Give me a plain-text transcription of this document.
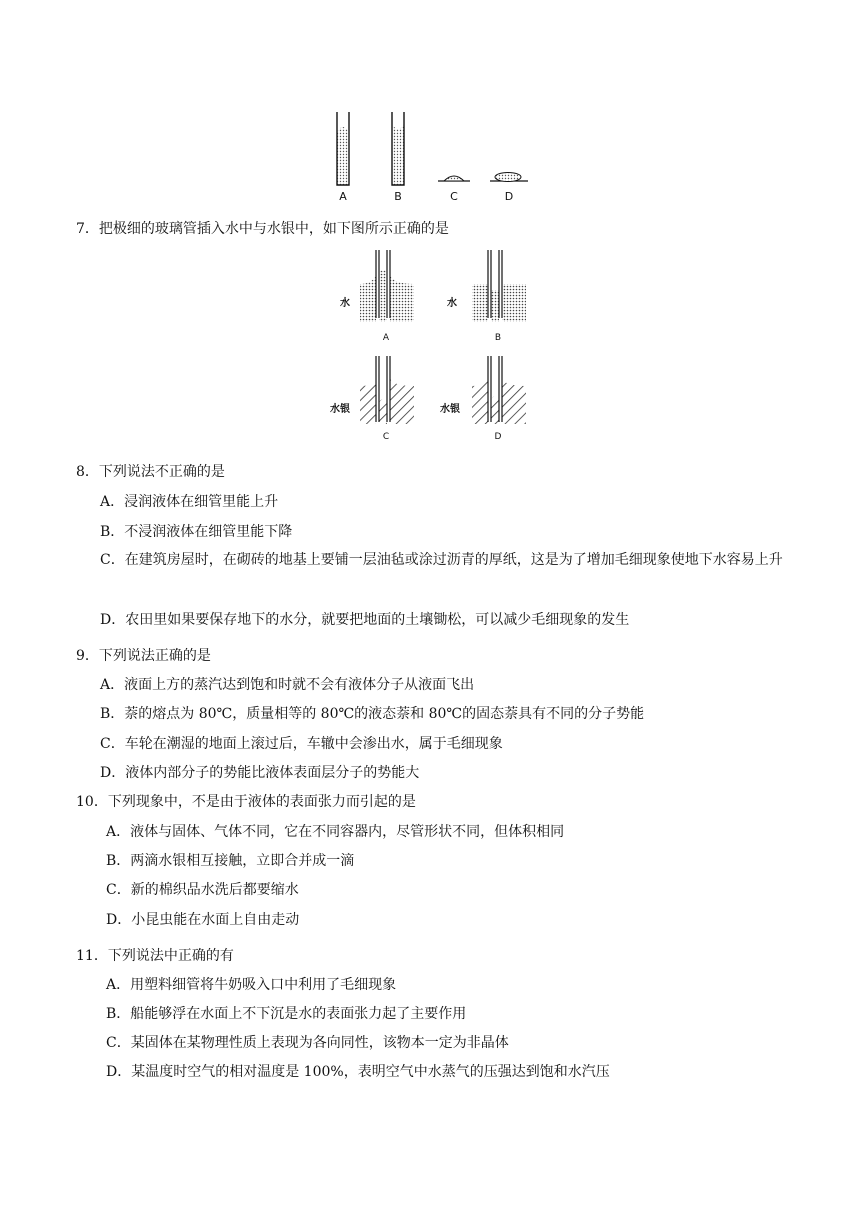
A	B	C	D
7．把极细的玻璃管插入水中与水银中，如下图所示正确的是
水
A
水
B
水银
C
水银
D
8．下列说法不正确的是
A．浸润液体在细管里能上升
B．不浸润液体在细管里能下降
C．在建筑房屋时，在砌砖的地基上要铺一层油毡或涂过沥青的厚纸，这是为了增加毛细现象使地下水容易上升
D．农田里如果要保存地下的水分，就要把地面的土壤锄松，可以减少毛细现象的发生
9．下列说法正确的是
A．液面上方的蒸汽达到饱和时就不会有液体分子从液面飞出
B．萘的熔点为 80℃，质量相等的 80℃的液态萘和 80℃的固态萘具有不同的分子势能
C．车轮在潮湿的地面上滚过后，车辙中会渗出水，属于毛细现象
D．液体内部分子的势能比液体表面层分子的势能大
10．下列现象中，不是由于液体的表面张力而引起的是
A．液体与固体、气体不同，它在不同容器内，尽管形状不同，但体积相同
B．两滴水银相互接触，立即合并成一滴
C．新的棉织品水洗后都要缩水
D．小昆虫能在水面上自由走动
11．下列说法中正确的有
A．用塑料细管将牛奶吸入口中利用了毛细现象
B．船能够浮在水面上不下沉是水的表面张力起了主要作用
C．某固体在某物理性质上表现为各向同性，该物本一定为非晶体
D．某温度时空气的相对温度是 100%，表明空气中水蒸气的压强达到饱和水汽压
